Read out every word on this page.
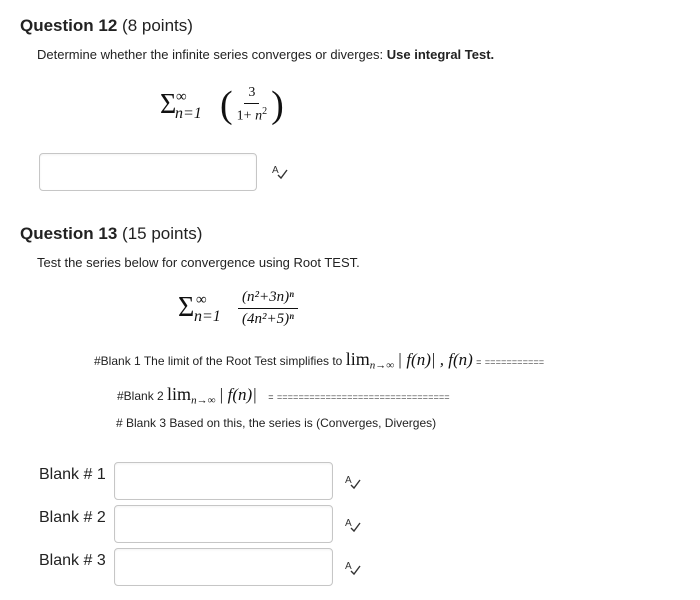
Question 12 (8 points)
Determine whether the infinite series converges or diverges: Use integral Test.
Σ ∞
n=1 ( $\frac{3}{1+ n^2}$ )
A
Question 13 (15 points)
Test the series below for convergence using Root TEST.
Σ ∞
$n=1 \frac{\text{(n²+3n)ⁿ}}{\text{(4n²+5)ⁿ}}$
#Blank 1 The limit of the Root Test simplifies to $\lim_{n\to\infty}$ | f(n)| , f(n) = ===========
#Blank 2 $\lim_{n\to\infty}$ | f(n)| = ================================
# Blank 3 Based on this, the series is (Converges, Diverges)
Blank # 1	A
Blank # 2	A
Blank # 3	A
